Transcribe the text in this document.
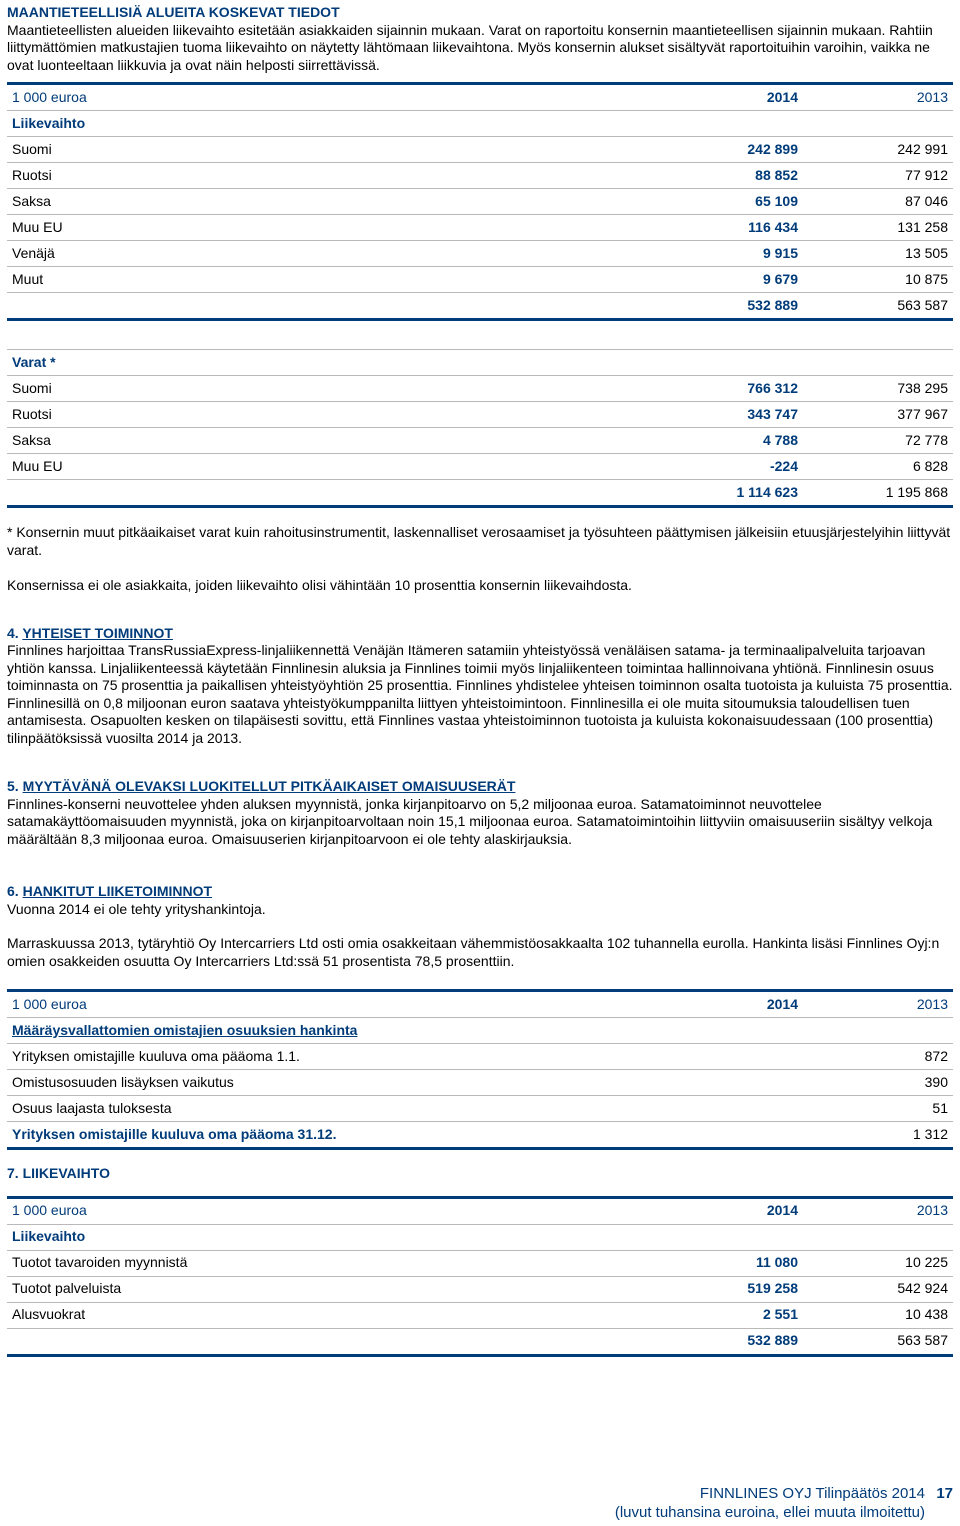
MAANTIETEELLISIÄ ALUEITA KOSKEVAT TIEDOT

Maantieteellisten alueiden liikevaihto esitetään asiakkaiden sijainnin mukaan. Varat on raportoitu konsernin maantieteellisen sijainnin mukaan. Rahtiin liittymättömien matkustajien tuoma liikevaihto on näytetty lähtömaan liikevaihtona. Myös konsernin alukset sisältyvät raportoituihin varoihin, vaikka ne ovat luonteeltaan liikkuvia ja ovat näin helposti siirrettävissä.

1 000 euroa	2014	2013
Liikevaihto		
Suomi	242 899	242 991
Ruotsi	88 852	77 912
Saksa	65 109	87 046
Muu EU	116 434	131 258
Venäjä	9 915	13 505
Muut	9 679	10 875
	532 889	563 587

Varat *		
Suomi	766 312	738 295
Ruotsi	343 747	377 967
Saksa	4 788	72 778
Muu EU	-224	6 828
	1 114 623	1 195 868

* Konsernin muut pitkäaikaiset varat kuin rahoitusinstrumentit, laskennalliset verosaamiset ja työsuhteen päättymisen jälkeisiin etuusjärjestelyihin liittyvät varat.

Konsernissa ei ole asiakkaita, joiden liikevaihto olisi vähintään 10 prosenttia konsernin liikevaihdosta.

4. YHTEISET TOIMINNOT

Finnlines harjoittaa TransRussiaExpress-linjaliikennettä Venäjän Itämeren satamiin yhteistyössä venäläisen satama- ja terminaalipalveluita tarjoavan yhtiön kanssa. Linjaliikenteessä käytetään Finnlinesin aluksia ja Finnlines toimii myös linjaliikenteen toimintaa hallinnoivana yhtiönä. Finnlinesin osuus toiminnasta on 75 prosenttia ja paikallisen yhteistyöyhtiön 25 prosenttia. Finnlines yhdistelee yhteisen toiminnon osalta tuotoista ja kuluista 75 prosenttia. Finnlinesillä on 0,8 miljoonan euron saatava yhteistyökumppanilta liittyen yhteistoimintoon. Finnlinesilla ei ole muita sitoumuksia taloudellisen tuen antamisesta. Osapuolten kesken on tilapäisesti sovittu, että Finnlines vastaa yhteistoiminnon tuotoista ja kuluista kokonaisuudessaan (100 prosenttia) tilinpäätöksissä vuosilta 2014 ja 2013.

5. MYYTÄVÄNÄ OLEVAKSI LUOKITELLUT PITKÄAIKAISET OMAISUUSERÄT

Finnlines-konserni neuvottelee yhden aluksen myynnistä, jonka kirjanpitoarvo on 5,2 miljoonaa euroa. Satamatoiminnot neuvottelee satamakäyttöomaisuuden myynnistä, joka on kirjanpitoarvoltaan noin 15,1 miljoonaa euroa. Satamatoimintoihin liittyviin omaisuuseriin sisältyy velkoja määrältään 8,3 miljoonaa euroa. Omaisuuserien kirjanpitoarvoon ei ole tehty alaskirjauksia.

6. HANKITUT LIIKETOIMINNOT

Vuonna 2014 ei ole tehty yrityshankintoja.

Marraskuussa 2013, tytäryhtiö Oy Intercarriers Ltd osti omia osakkeitaan vähemmistöosakkaalta 102 tuhannella eurolla. Hankinta lisäsi Finnlines Oyj:n omien osakkeiden osuutta Oy Intercarriers Ltd:ssä 51 prosentista 78,5 prosenttiin.

1 000 euroa	2014	2013
Määräysvallattomien omistajien osuuksien hankinta		
Yrityksen omistajille kuuluva oma pääoma 1.1.		872
Omistusosuuden lisäyksen vaikutus		390
Osuus laajasta tuloksesta		51
Yrityksen omistajille kuuluva oma pääoma 31.12.		1 312
7. LIIKEVAIHTO
1 000 euroa	2014	2013
Liikevaihto		
Tuotot tavaroiden myynnistä	11 080	10 225
Tuotot palveluista	519 258	542 924
Alusvuokrat	2 551	10 438
	532 889	563 587
FINNLINES OYJ Tilinpäätös 2014 17
(luvut tuhansina euroina, ellei muuta ilmoitettu)
